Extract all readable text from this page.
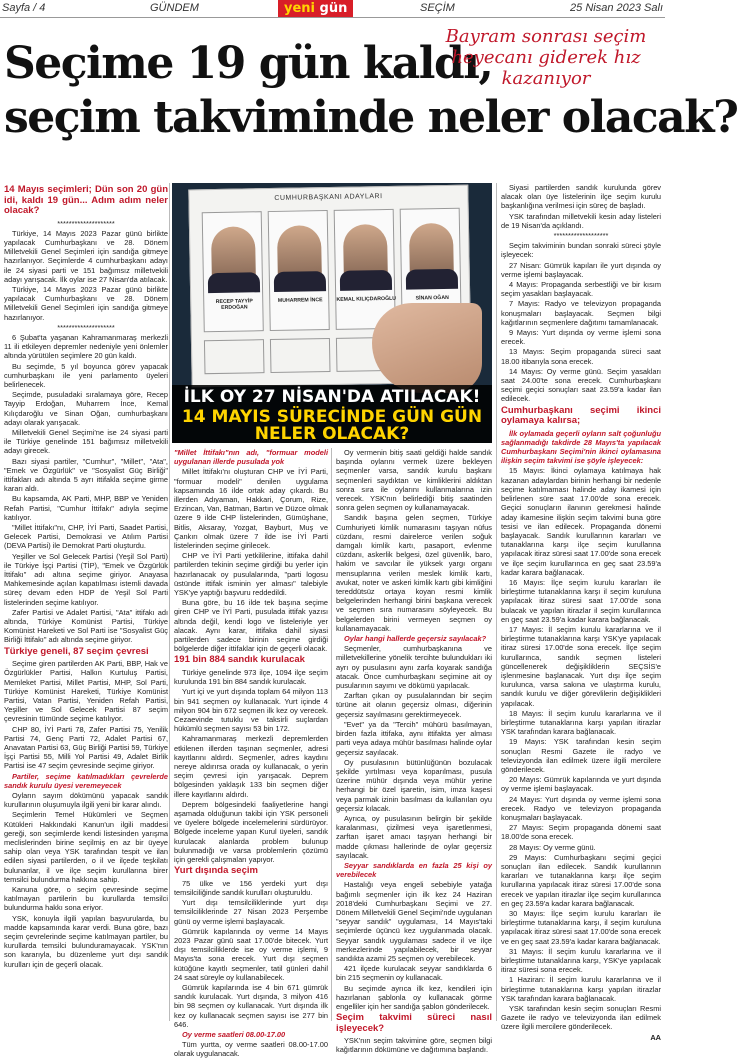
Sayfa / 4	GÜNDEM	yeni gün	SEÇİM	25 Nisan 2023 Salı
Seçime 19 gün kaldı,
seçim takviminde neler olacak?
Bayram sonrası seçim heyecanı giderek hız kazanıyor
14 Mayıs seçimleri; Dün son 20 gün idi, kaldı 19 gün... Adım adım neler olacak?

********************

Türkiye, 14 Mayıs 2023 Pazar günü birlikte yapılacak Cumhurbaşkanı ve 28. Dönem Milletvekili Genel Seçimleri için sandığa gitmeye hazırlanıyor. Seçimlerde 4 cumhurbaşkanı adayı ile 24 siyasi parti ve 151 bağımsız milletvekili adayı yarışacak. İlk oylar ise 27 Nisan'da atılacak.

Türkiye, 14 Mayıs 2023 Pazar günü birlikte yapılacak Cumhurbaşkanı ve 28. Dönem Milletvekili Genel Seçimleri için sandığa gitmeye hazırlanıyor.

********************

6 Şubat'ta yaşanan Kahramanmaraş merkezli 11 ili etkileyen depremler nedeniyle yeni önlemler altında yürütülen seçimlere 20 gün kaldı.

Bu seçimde, 5 yıl boyunca görev yapacak cumhurbaşkanı ile yeni parlamento üyeleri belirlenecek.

Seçimde, pusuladaki sıralamaya göre, Recep Tayyip Erdoğan, Muharrem İnce, Kemal Kılıçdaroğlu ve Sinan Oğan, cumhurbaşkanı adayı olarak yarışacak.

Milletvekili Genel Seçimi'ne ise 24 siyasi parti ile Türkiye genelinde 151 bağımsız milletvekili adayı girecek.

Bazı siyasi partiler, "Cumhur", "Millet", "Ata", "Emek ve Özgürlük" ve "Sosyalist Güç Birliği" ittifakları adı altında 5 ayrı ittifakla seçime girme kararı aldı.

Bu kapsamda, AK Parti, MHP, BBP ve Yeniden Refah Partisi, "Cumhur İttifakı" adıyla seçime katılıyor.

"Millet İttifakı"nı, CHP, İYİ Parti, Saadet Partisi, Gelecek Partisi, Demokrasi ve Atılım Partisi (DEVA Partisi) ile Demokrat Parti oluşturdu.

Yeşiller ve Sol Gelecek Partisi (Yeşil Sol Parti) ile Türkiye İşçi Partisi (TİP), "Emek ve Özgürlük İttifakı" adı altına seçime giriyor. Anayasa Mahkemesinde açılan kapatılması istemli davada süreç devam eden HDP de Yeşil Sol Parti listelerinden seçime katılıyor.

Zafer Partisi ve Adalet Partisi, "Ata" ittifakı adı altında, Türkiye Komünist Partisi, Türkiye Komünist Hareketi ve Sol Parti ise "Sosyalist Güç Birliği İttifakı" adı altında seçime giriyor.

Türkiye geneli, 87 seçim çevresi

Seçime giren partilerden AK Parti, BBP, Hak ve Özgürlükler Partisi, Halkın Kurtuluş Partisi, Memleket Partisi, Millet Partisi, MHP, Sol Parti, Türkiye Komünist Hareketi, Türkiye Komünist Partisi, Vatan Partisi, Yeniden Refah Partisi, Yeşiller ve Sol Gelecek Partisi 87 seçim çevresinin tümünde seçime katılıyor.

CHP 80, İYİ Parti 78, Zafer Partisi 75, Yenilik Partisi 74, Genç Parti 72, Adalet Partisi 67, Anavatan Partisi 63, Güç Birliği Partisi 59, Türkiye İşçi Partisi 55, Milli Yol Partisi 49, Adalet Birlik Partisi ise 47 seçim çevresinde seçime giriyor.

Partiler, seçime katılmadıkları çevrelerde sandık kurulu üyesi veremeyecek

Oyların sayım dökümünü yapacak sandık kurullarının oluşumuyla ilgili yeni bir karar alındı.

Seçimlerin Temel Hükümleri ve Seçmen Kütükleri Hakkındaki Kanun'un ilgili maddesi gereği, son seçimlerde kendi listesinden yarışma meclislerinden birine seçilmiş en az bir üyeye sahip olan veya YSK tarafından tespit ve ilan edilen siyasi partilerden, o il ve ilçede teşkilatı bulunanlar, il ve ilçe seçim kurullarına birer temsilci bulundurma hakkına sahip.

Kanuna göre, o seçim çevresinde seçime katılmayan partilerin bu kurullarda temsilci bulundurma hakkı sona eriyor.

YSK, konuyla ilgili yapılan başvurularda, bu madde kapsamında karar verdi. Buna göre, bazı seçim çevrelerinde seçime katılmayan partiler, bu kurullarda temsilci bulunduramayacak. YSK'nın son kararıyla, bu düzenleme yurt dışı sandık kurulları için de geçerli olacak.

CUMHURBAŞKANI ADAYLARI
RECEP TAYYİP ERDOĞAN
MUHARREM İNCE	KEMAL KILIÇDAROĞLU	SİNAN OĞAN
İLK OY 27 NİSAN'DA ATILACAK!
14 MAYIS SÜRECİNDE GÜN GÜN NELER OLACAK?

"Millet İttifakı"nın adı, "formuar modeli uygulanan illerde pusulada yok

Millet İttifakı'nı oluşturan CHP ve İYİ Parti, "formuar modeli" denilen uygulama kapsamında 16 ilde ortak aday çıkardı. Bu illerden Adıyaman, Hakkari, Çorum, Rize, Erzincan, Van, Batman, Bartın ve Düzce olmak üzere 9 ilde CHP listelerinden, Gümüşhane, Bitlis, Aksaray, Yozgat, Bayburt, Muş ve Çankırı olmak üzere 7 ilde ise İYİ Parti listelerinden seçime girilecek.

CHP ve İYİ Parti yetkililerine, ittifaka dahil partilerden tekinin seçime girdiği bu yerler için hazırlanacak oy pusulalarında, "parti logosu üstünde ittifak isminin yer alması" talebiyle YSK'ye yaptığı başvuru reddedildi.

Buna göre, bu 16 ilde tek başına seçime giren CHP ve İYİ Parti, pusulada ittifak yazısı altında değil, kendi logo ve listeleriyle yer alacak. Aynı karar, ittifaka dahil siyasi partilerden sadece birinin seçime girdiği bölgelerde diğer ittifaklar için de geçerli olacak.

191 bin 884 sandık kurulacak

Türkiye genelinde 973 ilçe, 1094 ilçe seçim kurulunda 191 bin 884 sandık kurulacak.

Yurt içi ve yurt dışında toplam 64 milyon 113 bin 941 seçmen oy kullanacak. Yurt içinde 4 milyon 904 bin 672 seçmen ilk kez oy verecek. Cezaevinde tutuklu ve taksirli suçlardan hükümlü seçmen sayısı 53 bin 172.

Kahramanmaraş merkezli depremlerden etkilenen illerden taşınan seçmenler, adresi kayıtlarını aldırdı. Seçmenler, adres kaydını nereye aldırırsa orada oy kullanacak, o yerin seçim çevresi için yarışacak. Deprem bölgesinden yaklaşık 133 bin seçmen diğer illere kayıtlarını aldırdı.

Deprem bölgesindeki faaliyetlerine hangi aşamada olduğunun takibi için YSK personeli ve üyelere bölgede incelemelerini sürdürüyor. Bölgede inceleme yapan Kurul üyeleri, sandık kurulacak alanlarda problem bulunup bulunmadığı ve varsa problemlerin çözümü için gerekli çalışmaları yapıyor.

Yurt dışında seçim

75 ülke ve 156 yerdeki yurt dışı temsilciliğinde sandık kurulları oluşturuldu.

Yurt dışı temsilciliklerinde yurt dışı temsilciliklerinde 27 Nisan 2023 Perşembe günü oy verme işlemi başlayacak.

Gümrük kapılarında oy verme 14 Mayıs 2023 Pazar günü saat 17.00'de bitecek. Yurt dışı temsilciliklerde ise oy verme işlemi, 9 Mayıs'ta sona erecek. Yurt dışı seçmen kütüğüne kayıtlı seçmenler, tatil günleri dahil 24 saat süreyle oy kullanabilecek.

Gümrük kapılarında ise 4 bin 671 gümrük sandık kurulacak. Yurt dışında, 3 milyon 416 bin 98 seçmen oy kullanacak. Yurt dışında ilk kez oy kullanacak seçmen sayısı ise 277 bin 646.

Oy verme saatleri 08.00-17.00

Tüm yurtta, oy verme saatleri 08.00-17.00 olarak uygulanacak.

Oy vermenin bitiş saati geldiği halde sandık başında oylarını vermek üzere bekleyen seçmenler varsa, sandık kurulu başkanı seçmenleri saydıktan ve kimliklerini aldıktan sonra sıra ile oylarını kullanmalarına izin verecek. YSK'nın belirlediği bitiş saatinden sonra gelen seçmen oy kullanamayacak.

Sandık başına gelen seçmen, Türkiye Cumhuriyeti kimlik numarasını taşıyan nüfus cüzdanı, resmi dairelerce verilen soğuk damgalı kimlik kartı, pasaport, evlenme cüzdanı, askerlik belgesi, özel güvenlik, baro, hakim ve savcılar ile yüksek yargı organı mensuplarına verilen meslek kimlik kartı, avukat, noter ve askeri kimlik kartı gibi kimliğini tereddütsüz ortaya koyan resmi kimlik belgelerinden herhangi birini başkana verecek ve seçmen sıra numarasını söyleyecek. Bu belgelerden birini vermeyen seçmen oy kullanamayacak.

Oylar hangi hallerde geçersiz sayılacak?

Seçmenler, cumhurbaşkanına ve milletvekillerine yönelik tercihte bulundukları iki ayrı oy pusulasını aynı zarfa koyarak sandığa atacak. Önce cumhurbaşkanı seçimine ait oy pusularının sayımı ve dökümü yapılacak.

Zarftan çıkan oy pusulalarından bir seçim türüne ait olanın geçersiz olması, diğerinin geçersiz sayılmasını gerektirmeyecek.

"Evet" ya da "Tercih" mühürü basılmayan, birden fazla ittifaka, aynı ittifakta yer alması parti veya adaya mühür basılması halinde oylar geçersiz sayılacak.

Oy pusulasının bütünlüğünün bozulacak şekilde yırtılması veya koparılması, pusula üzerine mühür dışında veya mühür yerine herhangi bir özel işaretin, isim, imza kaşesi veya parmak izinin basılması da kullanılan oyu geçersiz kılacak.

Ayrıca, oy pusulasının belirgin bir şekilde karalanması, çizilmesi veya işaretlenmesi, zarftan işaret amacı taşıyan herhangi bir madde çıkması hallerinde de oylar geçersiz sayılacak.

Seyyar sandıklarda en fazla 25 kişi oy verebilecek

Hastalığı veya engeli sebebiyle yatağa bağımlı seçmenler için ilk kez 24 Haziran 2018'deki Cumhurbaşkanı Seçimi ve 27. Dönem Milletvekili Genel Seçimi'nde uygulanan "seyyar sandık" uygulaması, 14 Mayıs'taki seçimlerde üçüncü kez uygulanmada olacak. Seyyar sandık uygulaması sadece il ve ilçe merkezlerinde yapılabilecek, bir seyyar sandıkta azami 25 seçmen oy verebilecek.

421 ilçede kurulacak seyyar sandıklarda 6 bin 215 seçmenin oy kullanacak.

Bu seçimde ayrıca ilk kez, kendileri için hazırlanan şablonla oy kullanacak görme engelliler için her sandığa şablon gönderilecek.

Seçim takvimi süreci nasıl işleyecek?

YSK'nın seçim takvimine göre, seçmen bilgi kağıtlarının dökümüne ve dağıtımına başlandı.

Siyasi partilerden sandık kurulunda görev alacak olan üye listelerinin ilçe seçim kurulu başkanlığına verilmesi için süreç de başladı.

YSK tarafından milletvekili kesin aday listeleri de 19 Nisan'da açıklandı.

*******************

Seçim takviminin bundan sonraki süreci şöyle işleyecek:

27 Nisan: Gümrük kapıları ile yurt dışında oy verme işlemi başlayacak.

4 Mayıs: Propaganda serbestliği ve bir kısım seçim yasakları başlayacak.

7 Mayıs: Radyo ve televizyon propaganda konuşmaları başlayacak. Seçmen bilgi kağıtlarının seçmenlere dağıtımı tamamlanacak.

9 Mayıs: Yurt dışında oy verme işlemi sona erecek.

13 Mayıs: Seçim propaganda süreci saat 18.00 itibarıyla sona erecek.

14 Mayıs: Oy verme günü. Seçim yasakları saat 24.00'te sona erecek. Cumhurbaşkanı seçimi geçici sonuçları saat 23.59'a kadar ilan edilecek.

Cumhurbaşkanı seçimi ikinci oylamaya kalırsa;

İlk oylamada geçerli oyların salt çoğunluğu sağlanmadığı takdirde 28 Mayıs'ta yapılacak Cumhurbaşkanı Seçimi'nin ikinci oylamasına ilişkin seçim takvimi ise şöyle işleyecek:

15 Mayıs: İkinci oylamaya katılmaya hak kazanan adaylardan birinin herhangi bir nedenle seçime katılmaması halinde aday ikamesi için belirlenen süre saat 17.00'de sona erecek. Geçici sonuçların ilanının gerekmesi halinde aday ikamesine ilişkin seçim takvimi buna göre tesisi ve ilan edilecek. Propaganda dönemi başlayacak. Sandık kurullarının kararları ve tutanaklarına karşı ilçe seçim kurullarına yapılacak itiraz süresi saat 17.00'de sona erecek ve ilçe seçim kurullarınca en geç saat 23.59'a kadar karara bağlanacak.

16 Mayıs: İlçe seçim kurulu kararları ile birleştirme tutanaklarına karşı il seçim kuruluna yapılacak itiraz süresi saat 17.00'de sona bulacak ve yapılan itirazlar il seçim kurullarınca en geç saat 23.59'a kadar karara bağlanacak.

17 Mayıs: İl seçim kurulu kararlarına ve il birleştirme tutanaklarına karşı YSK'ye yapılacak itiraz süresi 17.00'de sona erecek. İlçe seçim kurullarınca, sandık seçmen listeleri güncellenerek değişikliklerin SEÇSİS'e işlenmesine başlanacak. Yurt dışı ilçe seçim kurulunca, varsa sakına ve ulaştırma kurulu, sandık kurulu ve diğer görevlilerin değişiklikleri yapılacak.

18 Mayıs: İl seçim kurulu kararlarına ve il birleştirme tutanaklarına karşı yapılan itirazlar YSK tarafından karara bağlanacak.

19 Mayıs: YSK tarafından kesin seçim sonuçları Resmi Gazete ile radyo ve televizyonda ilan edilmek üzere ilgili mercilere gönderilecek.

20 Mayıs: Gümrük kapılarında ve yurt dışında oy verme işlemi başlayacak.

24 Mayıs: Yurt dışında oy verme işlemi sona erecek. Radyo ve televizyon propaganda konuşmaları başlayacak.

27 Mayıs: Seçim propaganda dönemi saat 18.00'de sona erecek.

28 Mayıs: Oy verme günü.

29 Mayıs: Cumhurbaşkanı seçimi geçici sonuçları ilan edilecek. Sandık kurullarının kararları ve tutanaklarına karşı ilçe seçim kurullarına yapılacak itiraz süresi 17.00'de sona erecek ve yapılan itirazlar ilçe seçim kurullarınca en geç 23.59'a kadar karara bağlanacak.

30 Mayıs: İlçe seçim kurulu kararları ile birleştirme tutanaklarına karşı, il seçim kuruluna yapılacak itiraz süresi saat 17.00'de sona erecek ve en geç saat 23.59'a kadar karara bağlanacak.

31 Mayıs: İl seçim kurulu kararlarına ve il birleştirme tutanaklarına karşı, YSK'ye yapılacak itiraz süresi sona erecek.

1 Haziran: İl seçim kurulu kararlarına ve il birleştirme tutanaklarına karşı yapılan itirazlar YSK tarafından karara bağlanacak.

YSK tarafından kesin seçim sonuçları Resmi Gazete ile radyo ve televizyonda ilan edilmek üzere ilgili mercilere gönderilecek.

AA
